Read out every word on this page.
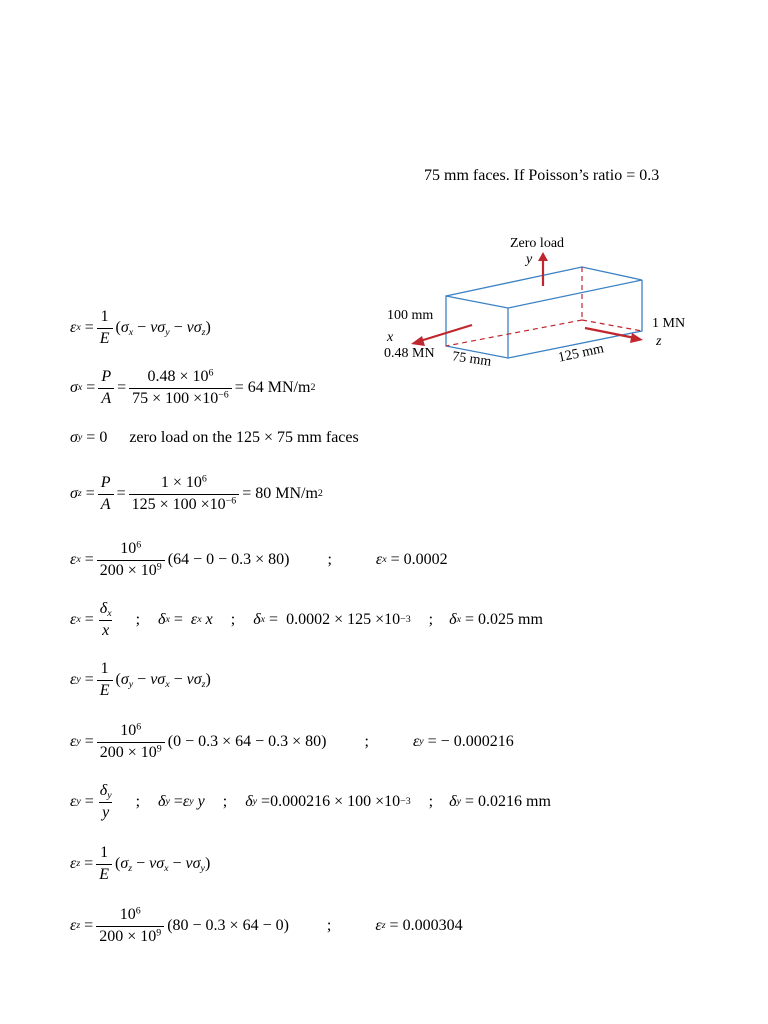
75 mm faces. If Poisson’s ratio = 0.3
Zero load
y
100 mm
x
0.48 MN 75 mm	125 mm
1 MN
z
ε $x = \frac{1}{E} (\sigma_x - \nu\sigma_y - \nu\sigma_z)$
σ $x = \frac{P}{A} = \frac{0.48 \times 10^6}{75 \times 100 \times 10^{-6}} = 64$ MN/m 2
σ y
= 0 zero load on the 125 × 75 mm faces
σ $z = \frac{P}{A} = \frac{1 \times 10^6}{125 \times 100 \times 10^{-6}} = 80$ MN/m 2
ε $x = \frac{10^6}{200 \times 10^9} (64 - 0 - 0.3 \times 80)$ ;	ε x
= 0.0002
ε $x = \frac{\delta_x}{x}$ ; δ x = ε x
x ; δ x = 0.0002 × 125 ×10 −3 ; δ x
= 0.025 mm
ε $y = \frac{1}{E} (\sigma_y - \nu\sigma_x - \nu\sigma_z)$
ε $y = \frac{10^6}{200 \times 10^9} (0 - 0.3 \times 64 - 0.3 \times 80)$ ;	ε y
= − 0.000216
ε $y = \frac{\delta_y}{y}$ ; δ y = ε y
y ; δ y = 0.000216 × 100 ×10 −3 ; δ y
= 0.0216 mm
ε $z = \frac{1}{E} (\sigma_z - \nu\sigma_x - \nu\sigma_y)$
ε $z = \frac{10^6}{200 \times 10^9} (80 - 0.3 \times 64 - 0)$ ;	ε z
= 0.000304
